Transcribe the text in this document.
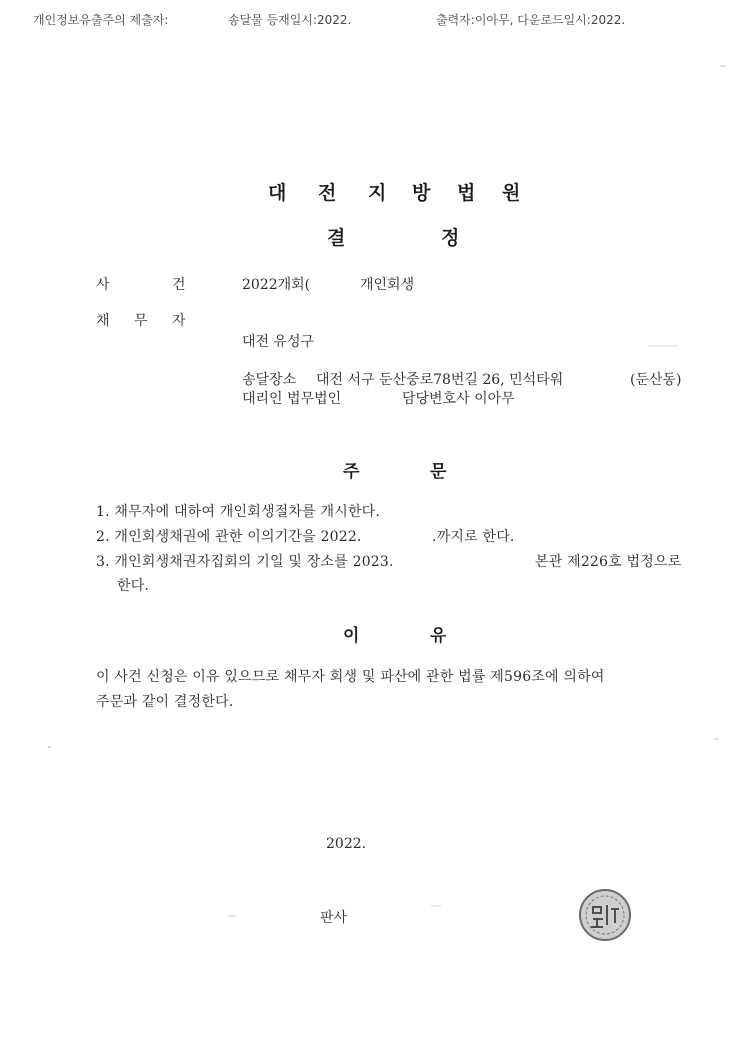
개인정보유출주의 제출자:	송달물 등재일시:2022.	출력자:이아무, 다운로드일시:2022.
대 전 지 방 법 원
결	정
사	건	2022개회(	개인회생
채 무 자
대전 유성구
송달장소 대전 서구 둔산중로78번길 26, 민석타워	(둔산동)
대리인 법무법인	담당변호사 이아무
주	문
1. 채무자에 대하여 개인회생절차를 개시한다.
2. 개인회생채권에 관한 이의기간을 2022.	.까지로 한다.
3. 개인회생채권자집회의 기일 및 장소를 2023.	본관 제226호 법정으로
한다.
이	유
이 사건 신청은 이유 있으므로 채무자 회생 및 파산에 관한 법률 제596조에 의하여
주문과 같이 결정한다.
2022.
판사
